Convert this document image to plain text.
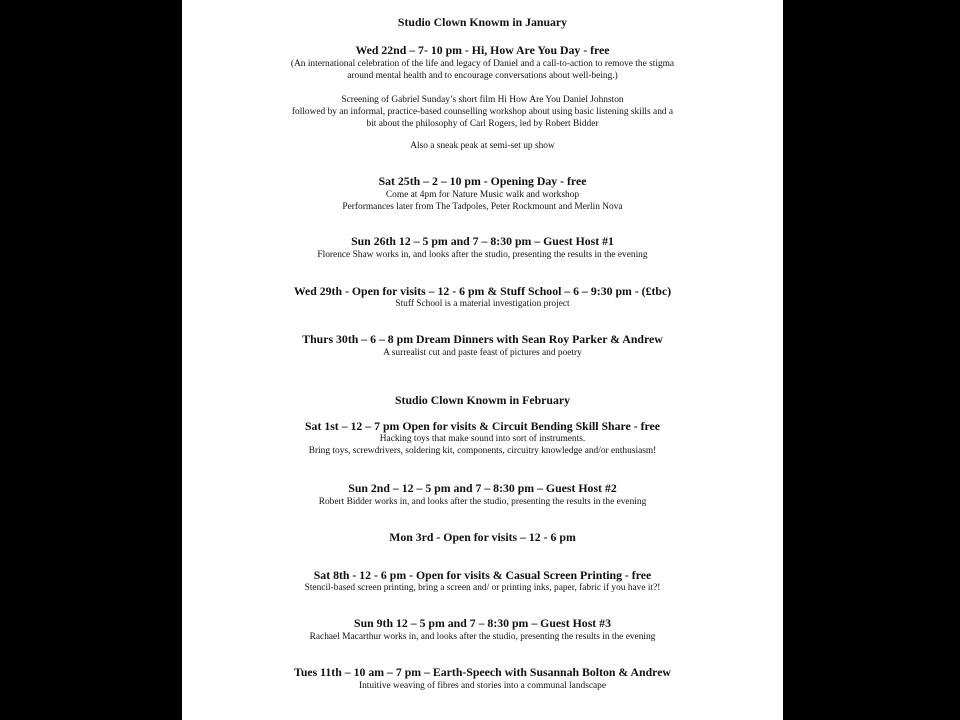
Studio Clown Knowm in January
Wed 22nd – 7- 10 pm - Hi, How Are You Day - free
(An international celebration of the life and legacy of Daniel and a call-to-action to remove the stigma
around mental health and to encourage conversations about well-being.)
Screening of Gabriel Sunday’s short film Hi How Are You Daniel Johnston
followed by an informal, practice-based counselling workshop about using basic listening skills and a
bit about the philosophy of Carl Rogers, led by Robert Bidder
Also a sneak peak at semi-set up show
Sat 25th – 2 – 10 pm - Opening Day - free
Come at 4pm for Nature Music walk and workshop
Performances later from The Tadpoles, Peter Rockmount and Merlin Nova
Sun 26th 12 – 5 pm and 7 – 8:30 pm – Guest Host #1
Florence Shaw works in, and looks after the studio, presenting the results in the evening
Wed 29th - Open for visits – 12 - 6 pm & Stuff School – 6 – 9:30 pm - (£tbc)
Stuff School is a material investigation project
Thurs 30th – 6 – 8 pm Dream Dinners with Sean Roy Parker & Andrew
A surrealist cut and paste feast of pictures and poetry
Studio Clown Knowm in February
Sat 1st – 12 – 7 pm Open for visits & Circuit Bending Skill Share - free
Hacking toys that make sound into sort of instruments.
Bring toys, screwdrivers, soldering kit, components, circuitry knowledge and/or enthusiasm!
Sun 2nd – 12 – 5 pm and 7 – 8:30 pm – Guest Host #2
Robert Bidder works in, and looks after the studio, presenting the results in the evening
Mon 3rd - Open for visits – 12 - 6 pm
Sat 8th - 12 - 6 pm - Open for visits & Casual Screen Printing - free
Stencil-based screen printing, bring a screen and/ or printing inks, paper, fabric if you have it?!
Sun 9th 12 – 5 pm and 7 – 8:30 pm – Guest Host #3
Rachael Macarthur works in, and looks after the studio, presenting the results in the evening
Tues 11th – 10 am – 7 pm – Earth-Speech with Susannah Bolton & Andrew
Intuitive weaving of fibres and stories into a communal landscape
